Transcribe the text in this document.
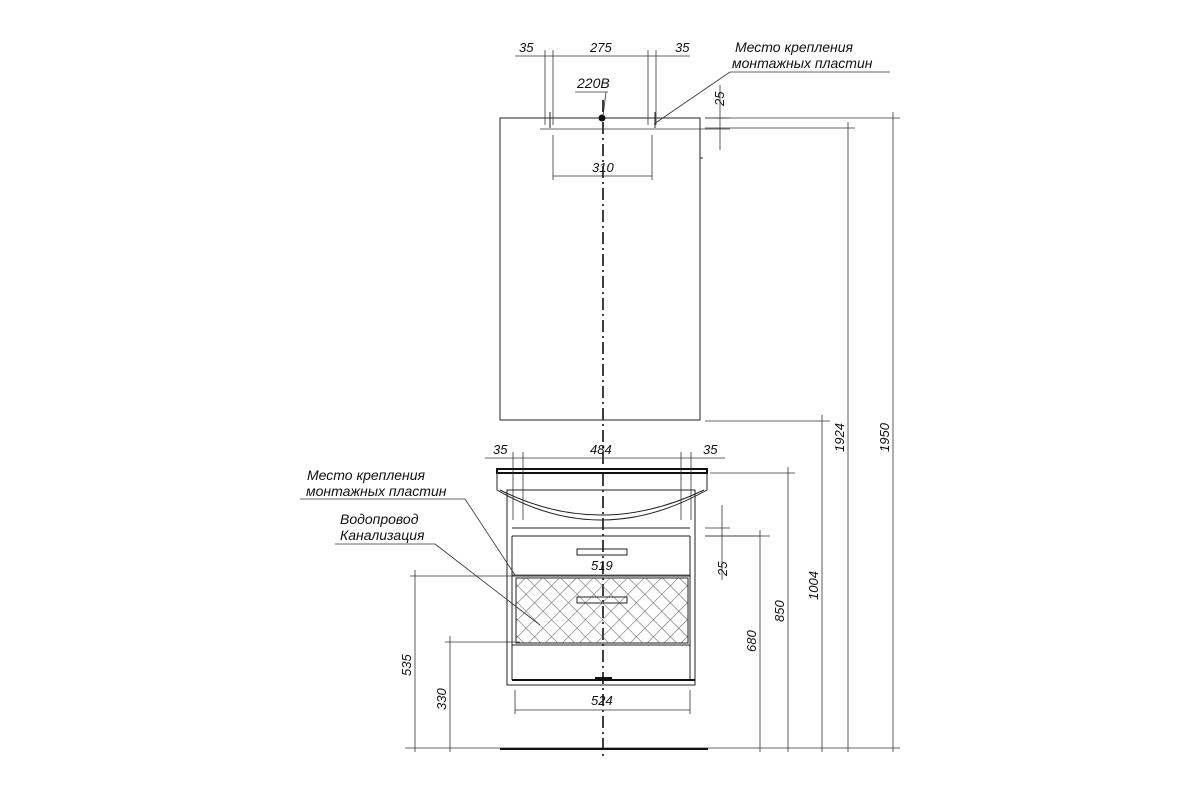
35	275	35
25
310
220В
Место крепления
монтажных пластин
35	484	35
519	25
524
Место крепления
монтажных пластин
Водопровод
Канализация
535
330
680
850
1004
1924 1950
